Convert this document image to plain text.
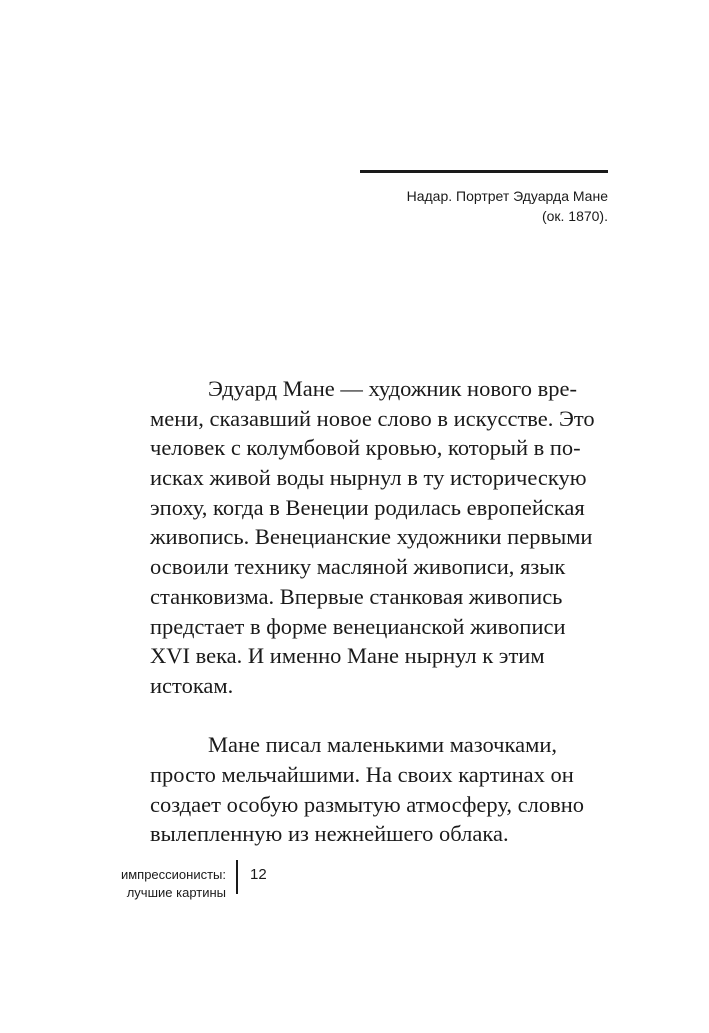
Надар. Портрет Эдуарда Мане
(ок. 1870).
Эдуард Мане — художник нового вре-
мени, сказавший новое слово в искусстве. Это
человек с колумбовой кровью, который в по-
исках живой воды нырнул в ту историческую
эпоху, когда в Венеции родилась европейская
живопись. Венецианские художники первыми
освоили технику масляной живописи, язык
станковизма. Впервые станковая живопись
предстает в форме венецианской живописи
XVI века. И именно Мане нырнул к этим
истокам.
Мане писал маленькими мазочками,
просто мельчайшими. На своих картинах он
создает особую размытую атмосферу, словно
вылепленную из нежнейшего облака.
импрессионисты:
лучшие картины
12
